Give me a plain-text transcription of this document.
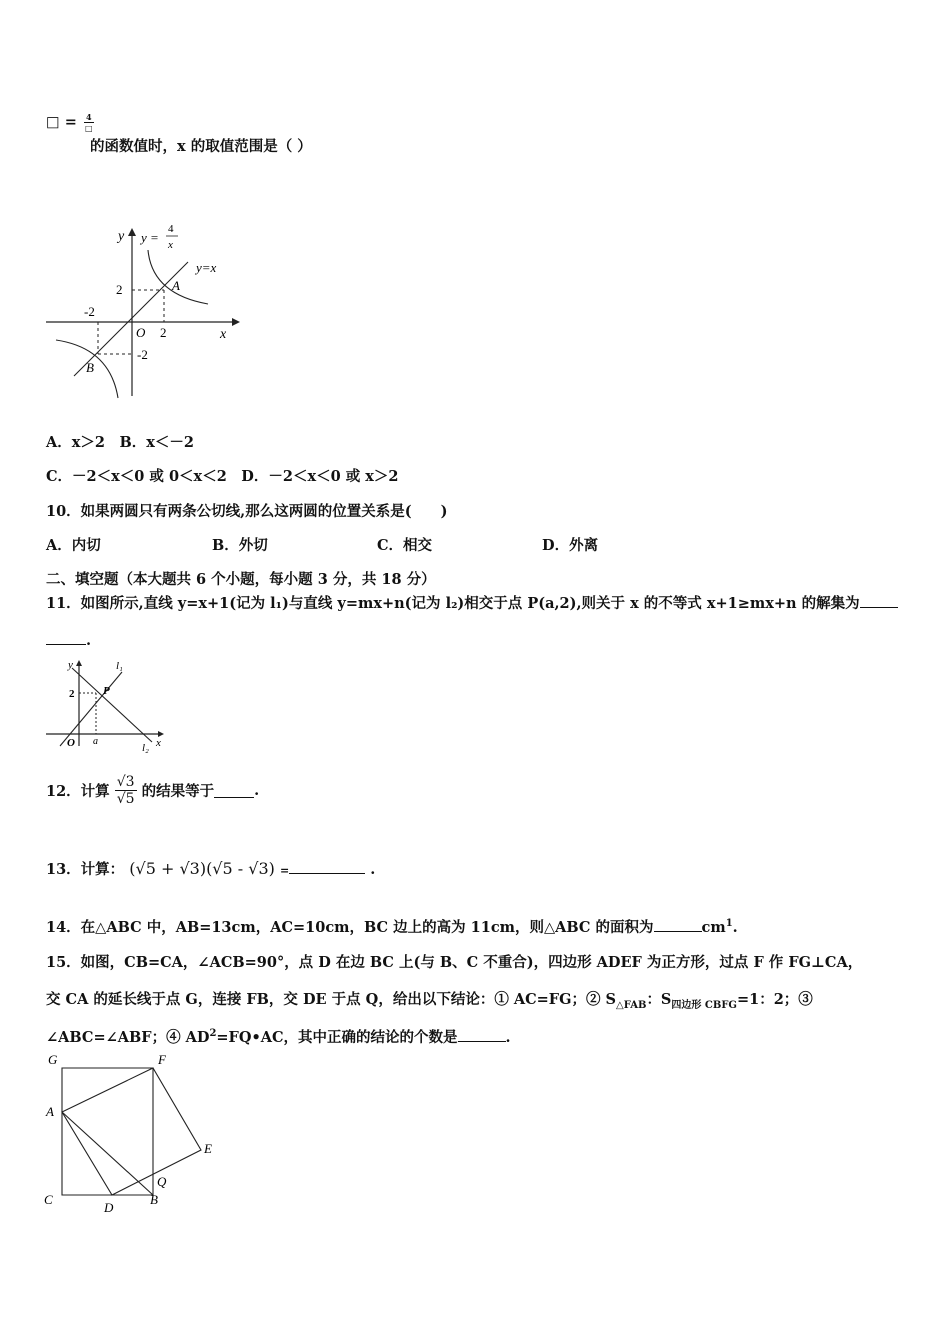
□ = $\frac{4}{□}$
的函数值时，x 的取值范围是（ ）
y y =
4
x
y=x
A
B
O 2
2
-2
-2
x
A．x＞2　B．x＜－2
C．－2＜x＜0 或 0＜x＜2　D．－2＜x＜0 或 x＞2
10．如果两圆只有两条公切线,那么这两圆的位置关系是(　　)
A．内切	B．外切	C．相交	D．外离
二、填空题（本大题共 6 个小题，每小题 3 分，共 18 分）
11．如图所示,直线 y=x+1(记为 l₁)与直线 y=mx+n(记为 l₂)相交于点 P(a,2),则关于 x 的不等式 x+1≥mx+n 的解集为
.
y	l₁
2	P
O a	x
l₂
12．计算 $\frac{√3}{√5}$ 的结果等于	.
13．计算： (√5 + √3)(√5 - √3) =	.
14．在△ABC 中，AB=13cm，AC=10cm，BC 边上的高为 11cm，则△ABC 的面积为	$cm^1$.
15．如图，CB=CA，∠ACB=90°，点 D 在边 BC 上(与 B、C 不重合)，四边形 ADEF 为正方形，过点 F 作 FG⊥CA，
交 CA 的延长线于点 G，连接 FB，交 DE 于点 Q，给出以下结论：① AC=FG；② $S_{\triangle FAB}$：$S_{四边形 CBFG}=1$：2；③
∠ABC=∠ABF；④ $AD^2=FQ•AC$，其中正确的结论的个数是	.
G	F
A
E
Q
C
D
B
